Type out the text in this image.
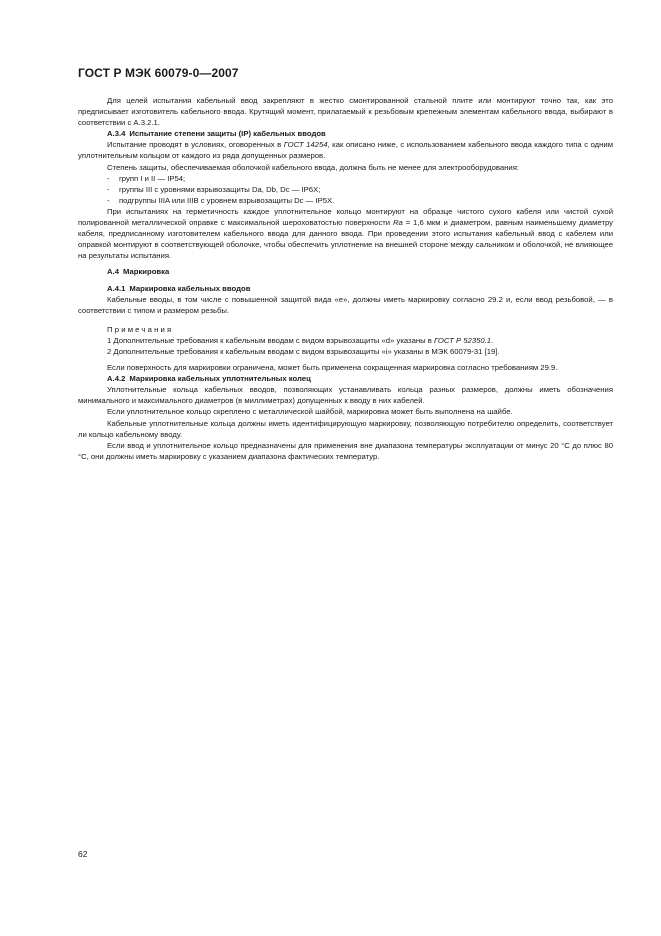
ГОСТ Р МЭК 60079-0—2007

Для целей испытания кабельный ввод закрепляют в жестко смонтированной стальной плите или монтируют точно так, как это предписывает изготовитель кабельного ввода. Крутящий момент, прилагаемый к резьбовым крепежным элементам кабельного ввода, выбирают в соответствии с А.3.2.1.

А.3.4 Испытание степени защиты (IP) кабельных вводов

Испытание проводят в условиях, оговоренных в ГОСТ 14254, как описано ниже, с использованием кабельного ввода каждого типа с одним уплотнительным кольцом от каждого из ряда допущенных размеров.

Степень защиты, обеспечиваемая оболочкой кабельного ввода, должна быть не менее для электрооборудования:

- групп I и II — IP54;

- группы III с уровнями взрывозащиты Da, Db, Dc — IP6X;

- подгруппы IIIA или IIIB с уровнем взрывозащиты Dc — IP5X.

При испытаниях на герметичность каждое уплотнительное кольцо монтируют на образце чистого сухого кабеля или чистой сухой полированной металлической оправке с максимальной шероховатостью поверхности Ra = 1,6 мкм и диаметром, равным наименьшему диаметру кабеля, предписанному изготовителем кабельного ввода для данного ввода. При проведении этого испытания кабельный ввод с кабелем или оправкой монтируют в соответствующей оболочке, чтобы обеспечить уплотнение на внешней стороне между сальником и оболочкой, не влияющее на результаты испытания.

А.4 Маркировка

А.4.1 Маркировка кабельных вводов

Кабельные вводы, в том числе с повышенной защитой вида «е», должны иметь маркировку согласно 29.2 и, если ввод резьбовой, — в соответствии с типом и размером резьбы.

Примечания

1 Дополнительные требования к кабельным вводам с видом взрывозащиты «d» указаны в ГОСТ Р 52350.1.

2 Дополнительные требования к кабельным вводам с видом взрывозащиты «i» указаны в МЭК 60079-31 [19].

Если поверхность для маркировки ограничена, может быть применена сокращенная маркировка согласно требованиям 29.9.

А.4.2 Маркировка кабельных уплотнительных колец

Уплотнительные кольца кабельных вводов, позволяющих устанавливать кольца разных размеров, должны иметь обозначения минимального и максимального диаметров (в миллиметрах) допущенных к вводу в них кабелей.

Если уплотнительное кольцо скреплено с металлической шайбой, маркировка может быть выполнена на шайбе.

Кабельные уплотнительные кольца должны иметь идентифицирующую маркировку, позволяющую потребителю определить, соответствует ли кольцо кабельному вводу.

Если ввод и уплотнительное кольцо предназначены для применения вне диапазона температуры эксплуатации от минус 20 °С до плюс 80 °С, они должны иметь маркировку с указанием диапазона фактических температур.

62
